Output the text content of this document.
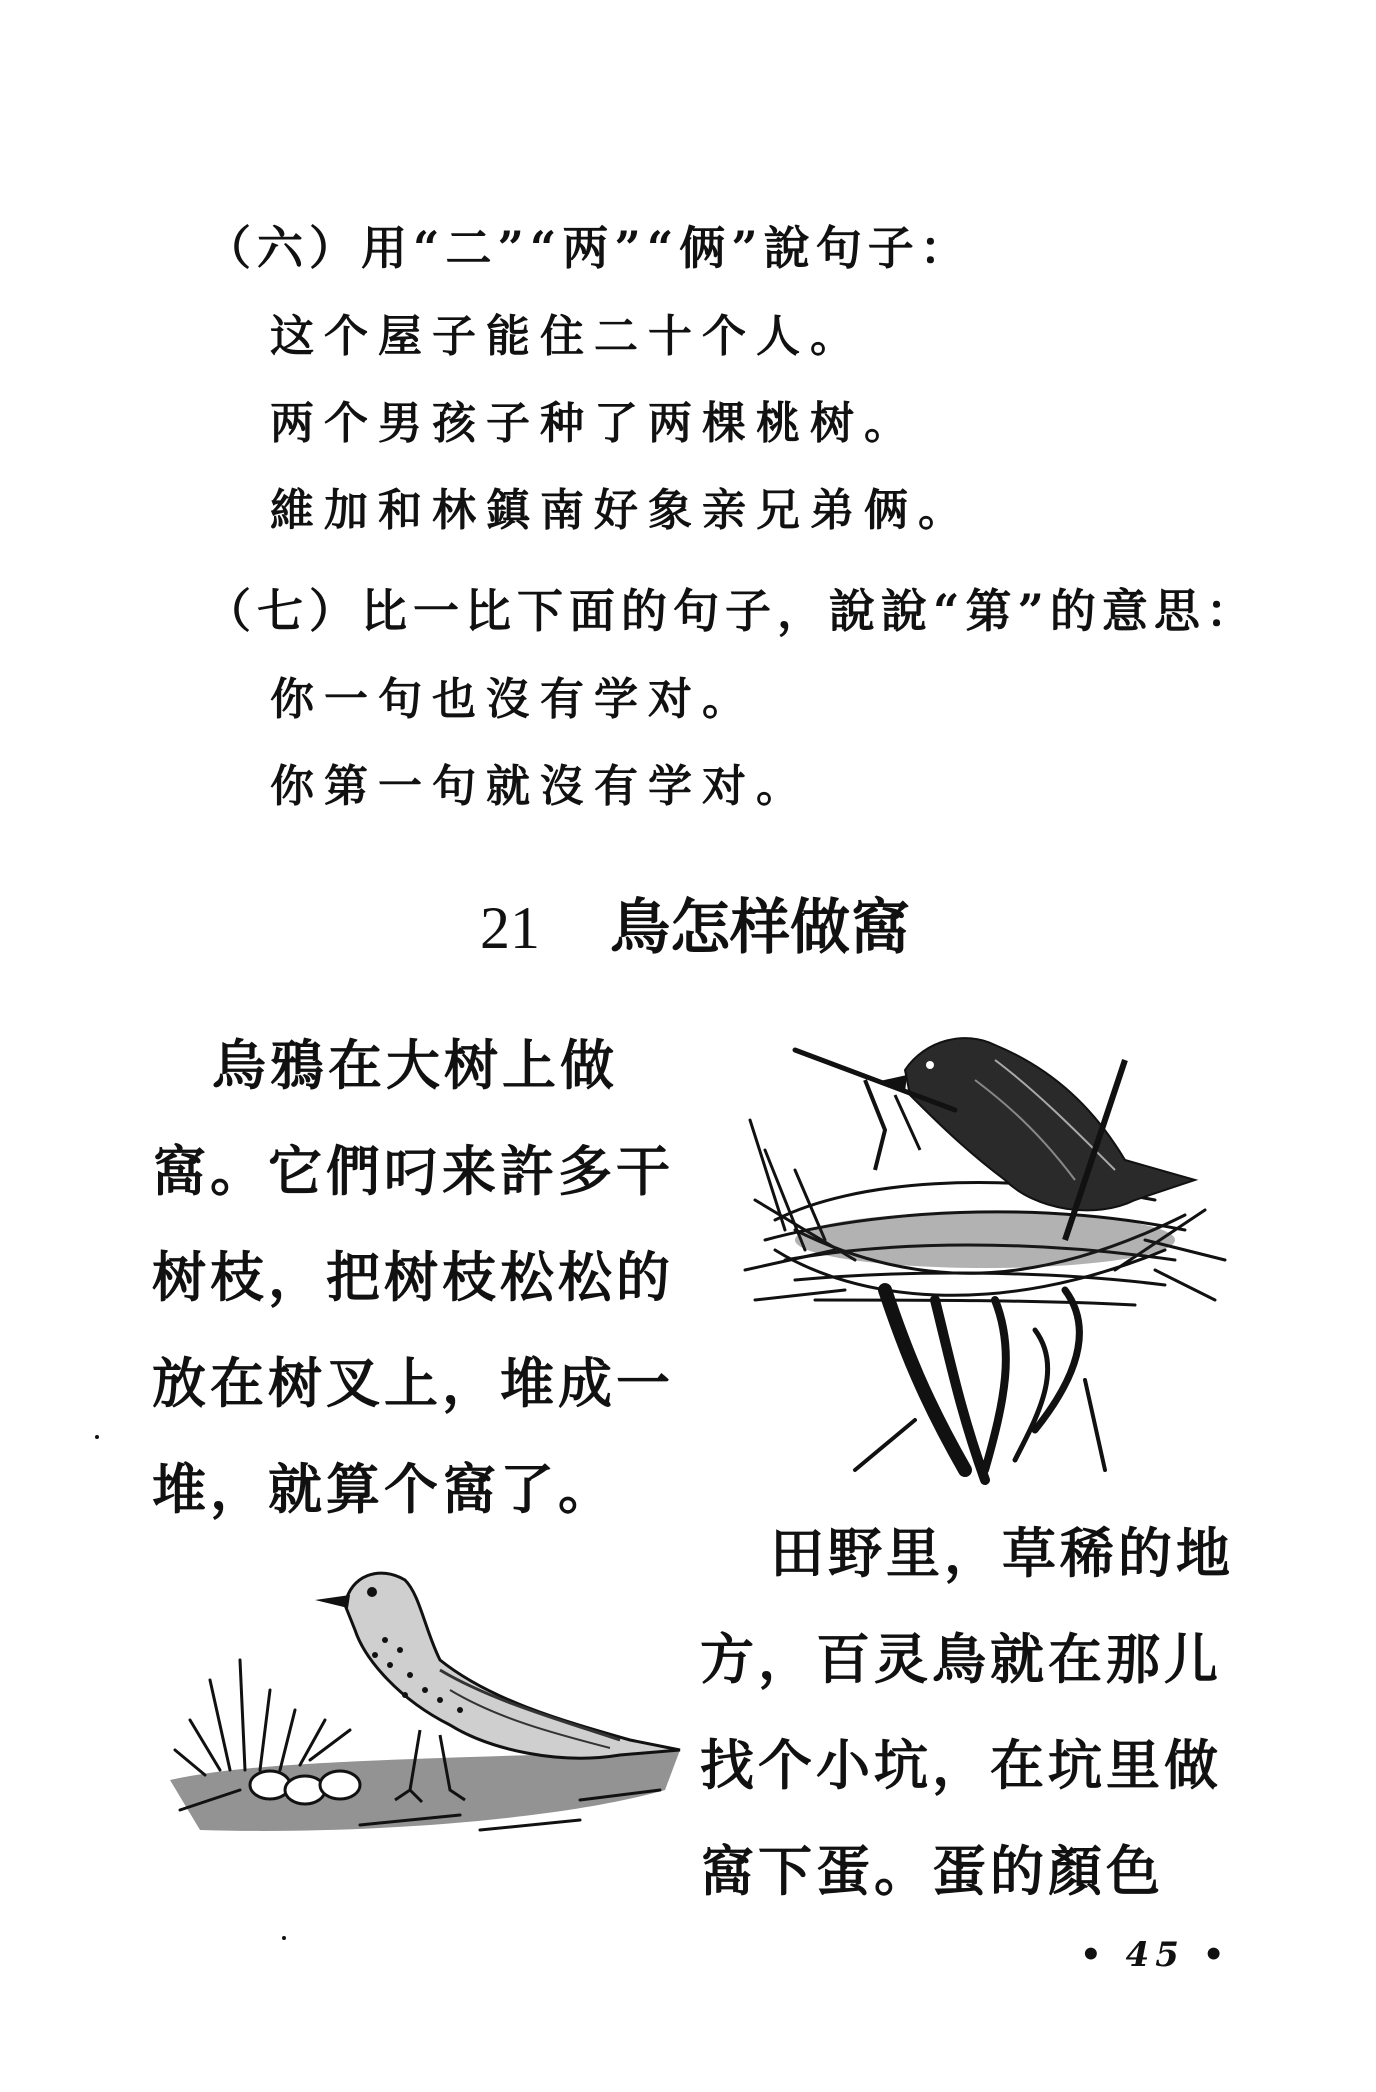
（六）用“二”“两”“俩”說句子：
这个屋子能住二十个人。
两个男孩子种了两棵桃树。
維加和林鎮南好象亲兄弟俩。
（七）比一比下面的句子，說說“第”的意思：
你一句也沒有学对。
你第一句就沒有学对。
21 鳥怎样做窩
烏鴉在大树上做
窩。它們叼来許多干
树枝，把树枝松松的
放在树叉上，堆成一
堆，就算个窩了。
田野里，草稀的地
方，百灵鳥就在那儿
找个小坑，在坑里做
窩下蛋。蛋的顏色
• 45 •
